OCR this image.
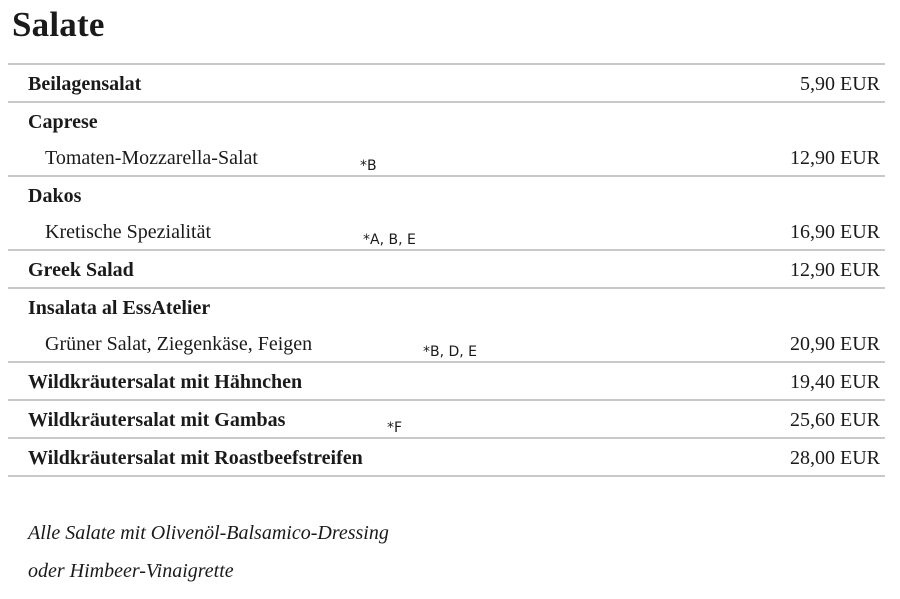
Salate
Beilagensalat	5,90 EUR
Caprese
Tomaten-Mozzarella-Salat	*B	12,90 EUR
Dakos
Kretische Spezialität	*A, B, E	16,90 EUR
Greek Salad	12,90 EUR
Insalata al EssAtelier
Grüner Salat, Ziegenkäse, Feigen	*B, D, E	20,90 EUR
Wildkräutersalat mit Hähnchen	19,40 EUR
Wildkräutersalat mit Gambas	*F	25,60 EUR
Wildkräutersalat mit Roastbeefstreifen	28,00 EUR
Alle Salate mit Olivenöl-Balsamico-Dressing
oder Himbeer-Vinaigrette
